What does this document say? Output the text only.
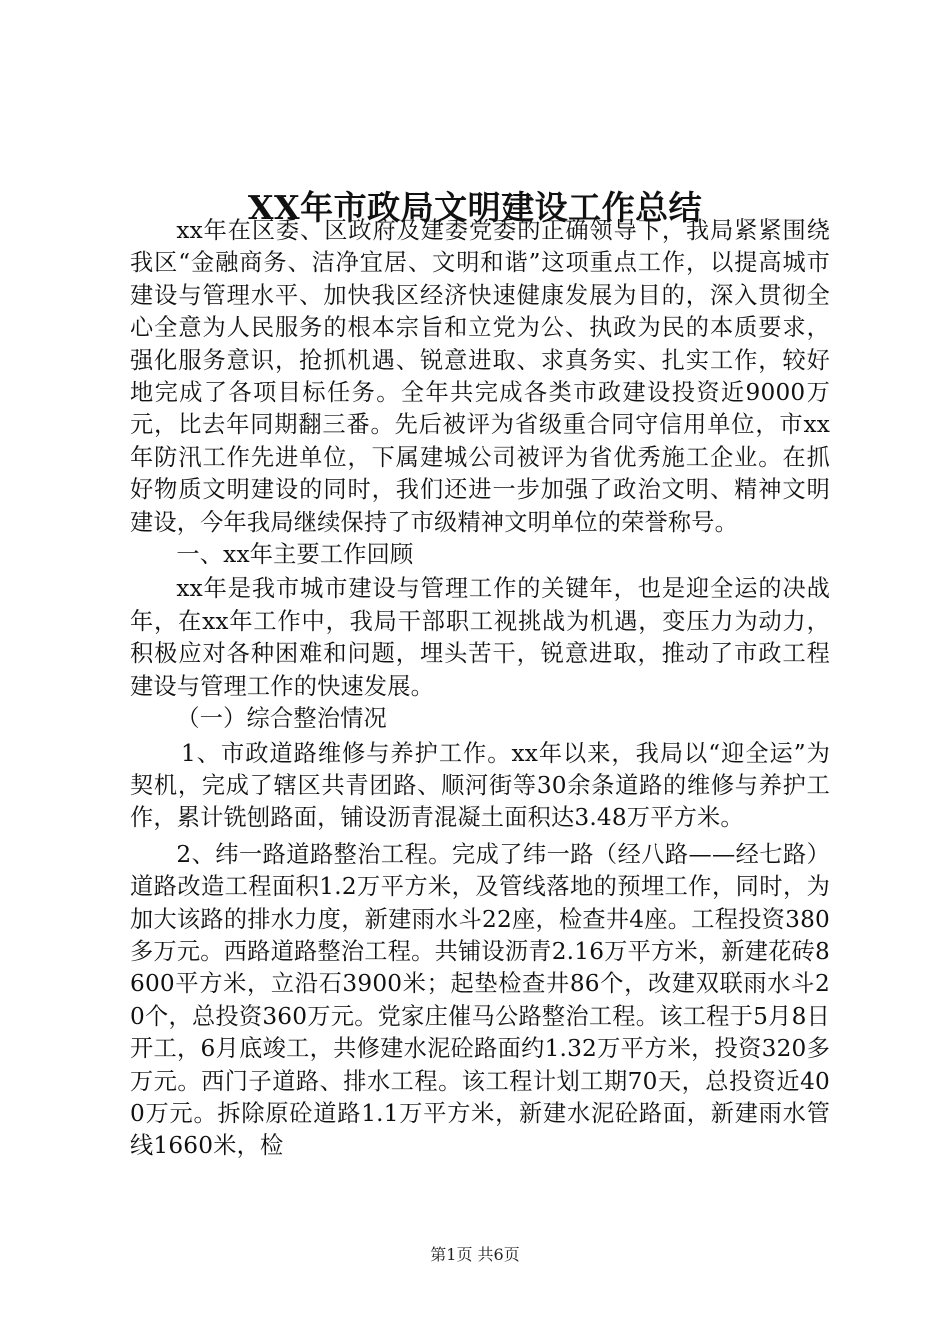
XX年市政局文明建设工作总结

xx年在区委、区政府及建委党委的正确领导下，我局紧紧围绕我区“金融商务、洁净宜居、文明和谐”这项重点工作，以提高城市建设与管理水平、加快我区经济快速健康发展为目的，深入贯彻全心全意为人民服务的根本宗旨和立党为公、执政为民的本质要求，强化服务意识，抢抓机遇、锐意进取、求真务实、扎实工作，较好地完成了各项目标任务。全年共完成各类市政建设投资近9000万元，比去年同期翻三番。先后被评为省级重合同守信用单位，市xx年防汛工作先进单位，下属建城公司被评为省优秀施工企业。在抓好物质文明建设的同时，我们还进一步加强了政治文明、精神文明建设，今年我局继续保持了市级精神文明单位的荣誉称号。

一、xx年主要工作回顾

xx年是我市城市建设与管理工作的关键年，也是迎全运的决战年，在xx年工作中，我局干部职工视挑战为机遇，变压力为动力，积极应对各种困难和问题，埋头苦干，锐意进取，推动了市政工程建设与管理工作的快速发展。

（一）综合整治情况

1、市政道路维修与养护工作。xx年以来，我局以“迎全运”为契机，完成了辖区共青团路、顺河街等30余条道路的维修与养护工作，累计铣刨路面，铺设沥青混凝土面积达3.48万平方米。

2、纬一路道路整治工程。完成了纬一路（经八路——经七路）道路改造工程面积1.2万平方米，及管线落地的预埋工作，同时，为加大该路的排水力度，新建雨水斗22座，检查井4座。工程投资380多万元。西路道路整治工程。共铺设沥青2.16万平方米，新建花砖8600平方米，立沿石3900米；起垫检查井86个，改建双联雨水斗20个，总投资360万元。党家庄催马公路整治工程。该工程于5月8日开工，6月底竣工，共修建水泥砼路面约1.32万平方米，投资320多万元。西门子道路、排水工程。该工程计划工期70天，总投资近400万元。拆除原砼道路1.1万平方米，新建水泥砼路面，新建雨水管线1660米，检

第1页 共6页
